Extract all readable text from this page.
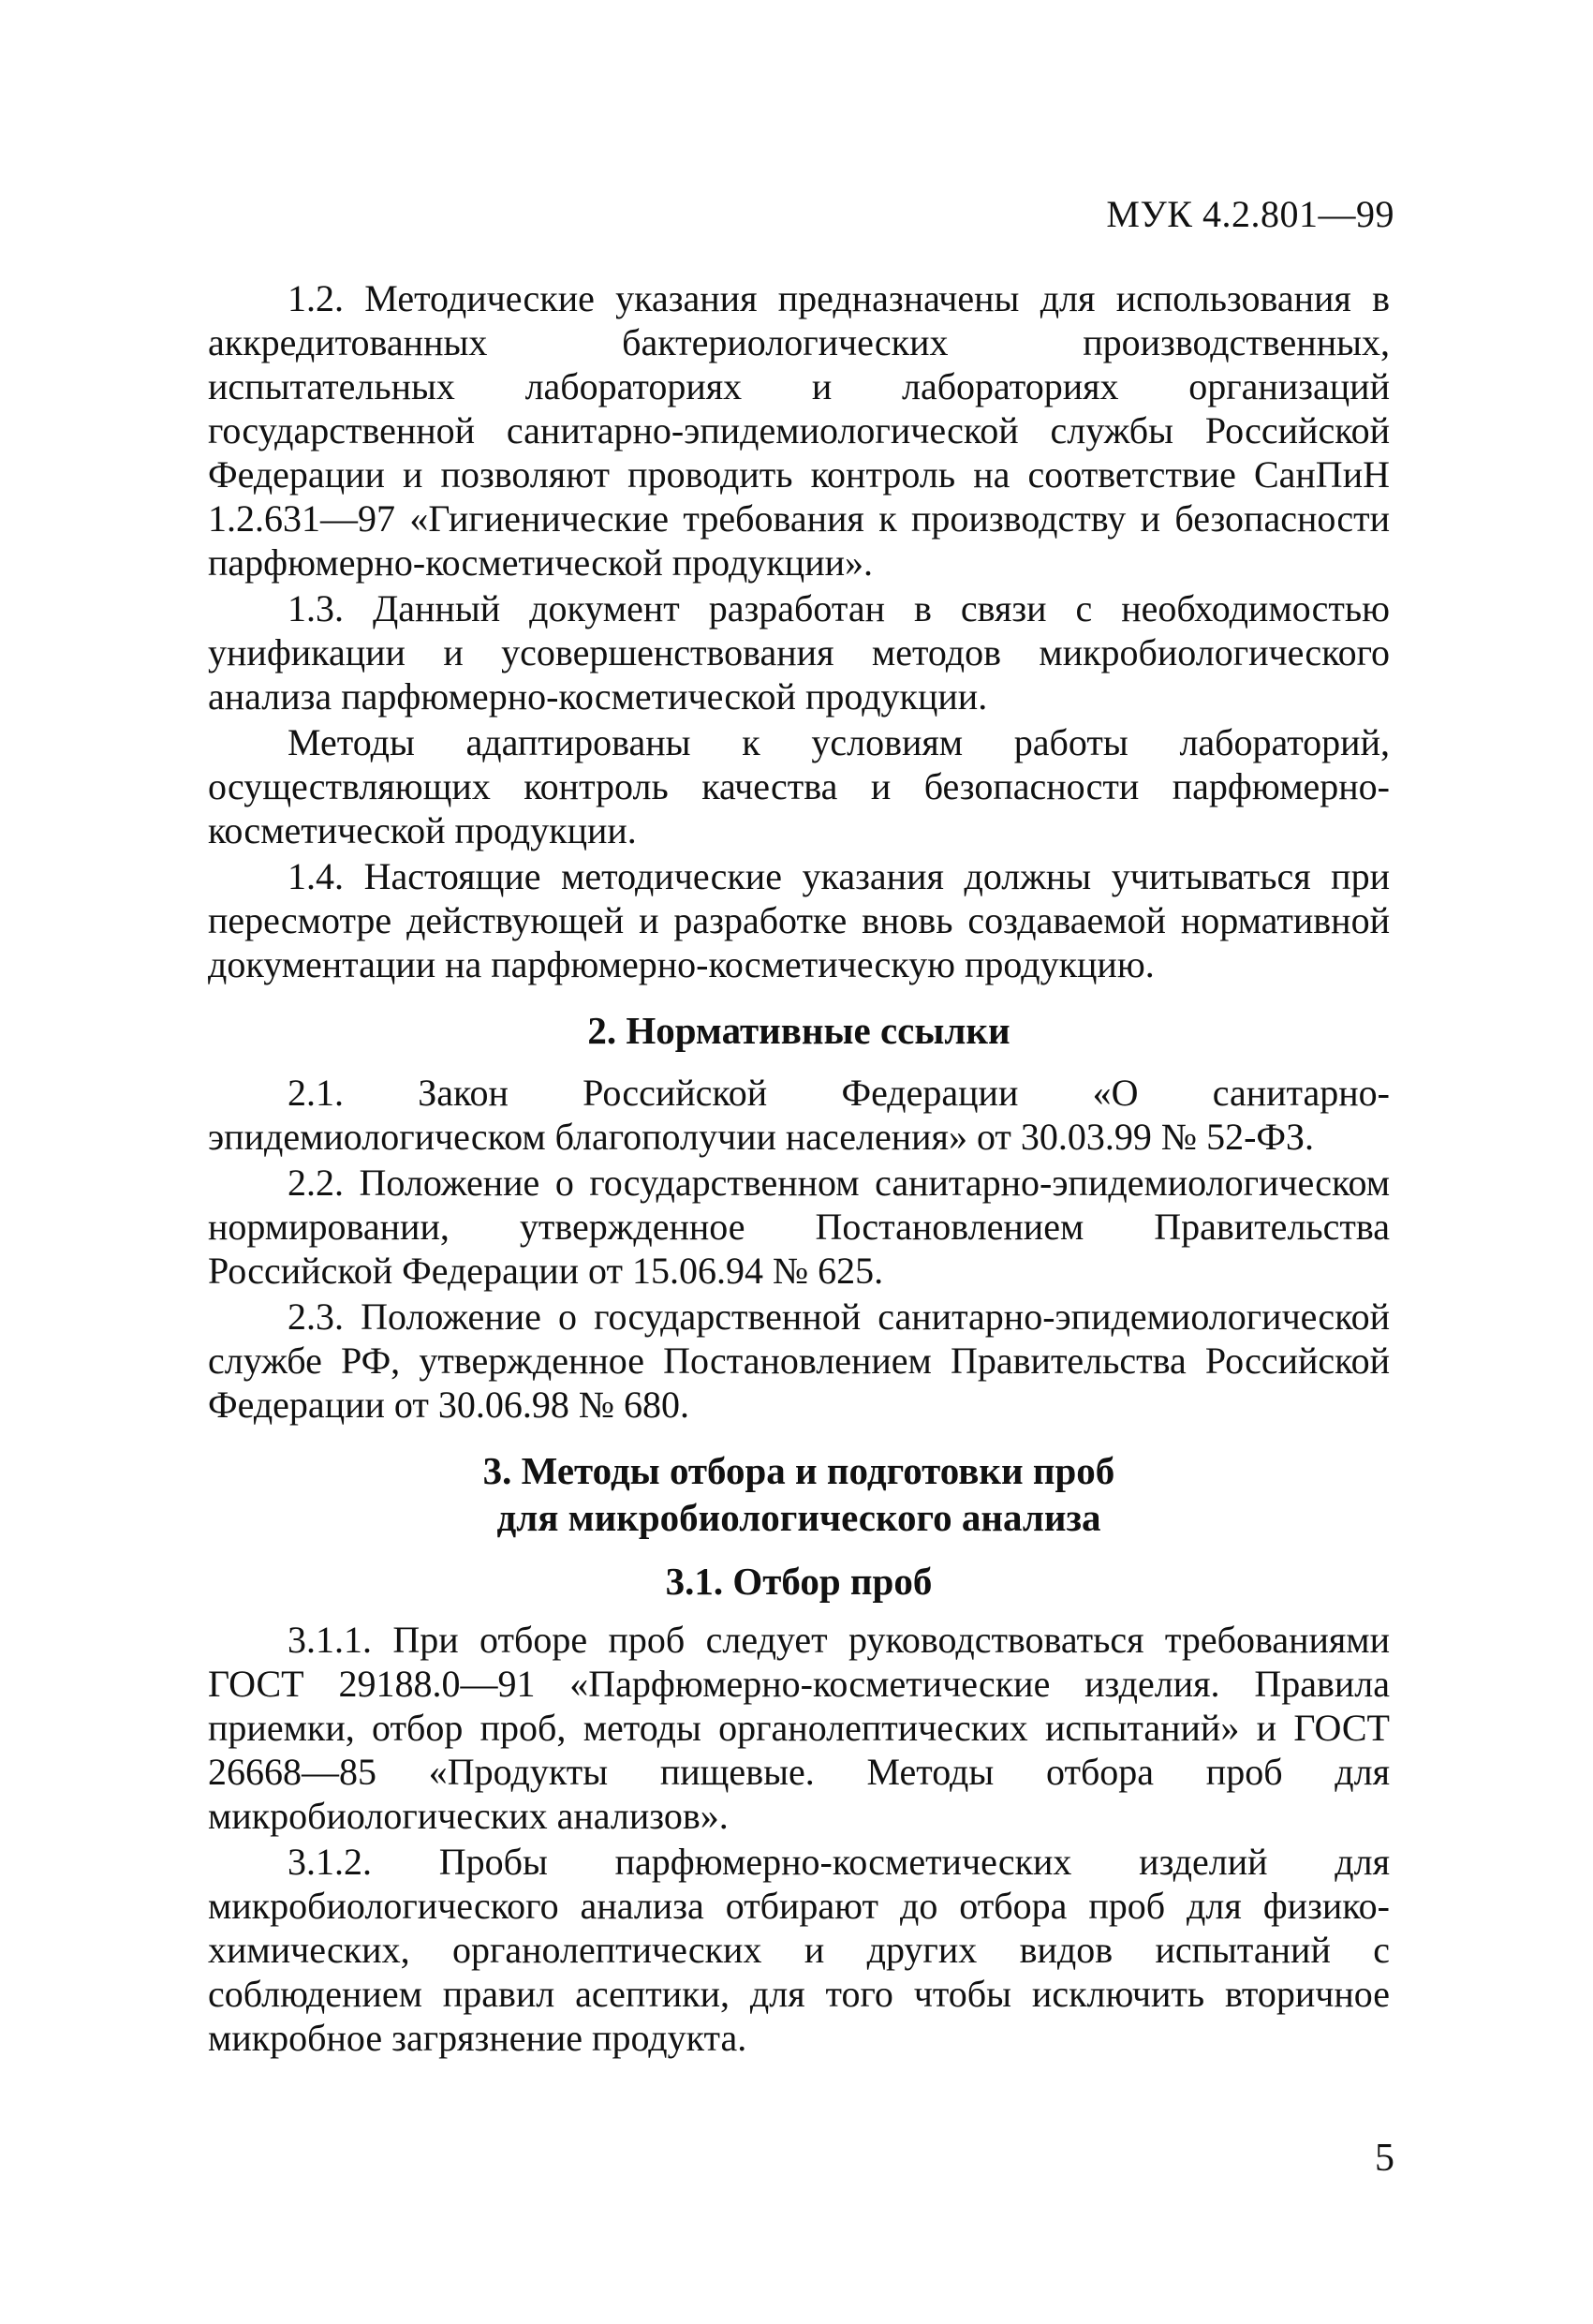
МУК 4.2.801—99

1.2. Методические указания предназначены для использования в аккредитованных бактериологических производственных, испытательных лабораториях и лабораториях организаций государственной санитарно-эпидемиологической службы Российской Федерации и позволяют проводить контроль на соответствие СанПиН 1.2.631—97 «Гигиенические требования к производству и безопасности парфюмерно-косметической продукции».

1.3. Данный документ разработан в связи с необходимостью унификации и усовершенствования методов микробиологического анализа парфюмерно-косметической продукции.

Методы адаптированы к условиям работы лабораторий, осуществляющих контроль качества и безопасности парфюмерно-косметической продукции.

1.4. Настоящие методические указания должны учитываться при пересмотре действующей и разработке вновь создаваемой нормативной документации на парфюмерно-косметическую продукцию.

2. Нормативные ссылки

2.1. Закон Российской Федерации «О санитарно-эпидемиологическом благополучии населения» от 30.03.99 № 52-ФЗ.

2.2. Положение о государственном санитарно-эпидемиологическом нормировании, утвержденное Постановлением Правительства Российской Федерации от 15.06.94 № 625.

2.3. Положение о государственной санитарно-эпидемиологической службе РФ, утвержденное Постановлением Правительства Российской Федерации от 30.06.98 № 680.

3. Методы отбора и подготовки проб
для микробиологического анализа
3.1. Отбор проб

3.1.1. При отборе проб следует руководствоваться требованиями ГОСТ 29188.0—91 «Парфюмерно-косметические изделия. Правила приемки, отбор проб, методы органолептических испытаний» и ГОСТ 26668—85 «Продукты пищевые. Методы отбора проб для микробиологических анализов».

3.1.2. Пробы парфюмерно-косметических изделий для микробиологического анализа отбирают до отбора проб для физико-химических, органолептических и других видов испытаний с соблюдением правил асептики, для того чтобы исключить вторичное микробное загрязнение продукта.

5
